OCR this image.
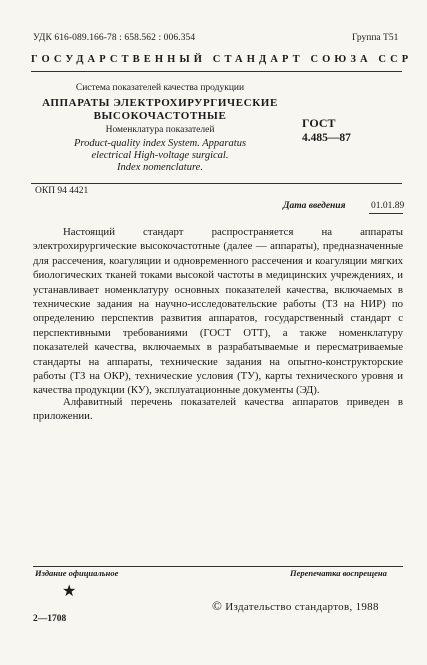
УДК 616-089.166-78 : 658.562 : 006.354	Группа Т51
ГОСУДАРСТВЕННЫЙ СТАНДАРТ СОЮЗА ССР
Система показателей качества продукции
АППАРАТЫ ЭЛЕКТРОХИРУРГИЧЕСКИЕ
ВЫСОКОЧАСТОТНЫЕ
Номенклатура показателей
Product-quality index System. Apparatus
electrical High-voltage surgical.
Index nomenclature.
ГОСТ
4.485—87
ОКП 94 4421
Дата введения	01.01.89
Настоящий стандарт распространяется на аппараты электрохирургические высокочастотные (далее — аппараты), предназначенные для рассечения, коагуляции и одновременного рассечения и коагуляции мягких биологических тканей токами высокой частоты в медицинских учреждениях, и устанавливает номенклатуру основных показателей качества, включаемых в технические задания на научно-исследовательские работы (ТЗ на НИР) по определению перспектив развития аппаратов, государственный стандарт с перспективными требованиями (ГОСТ ОТТ), а также номенклатуру показателей качества, включаемых в разрабатываемые и пересматриваемые стандарты на аппараты, технические задания на опытно-конструкторские работы (ТЗ на ОКР), технические условия (ТУ), карты технического уровня и качества продукции (КУ), эксплуатационные документы (ЭД).
Алфавитный перечень показателей качества аппаратов приведен в приложении.
Издание официальное	Перепечатка воспрещена
★
2—1708
© Издательство стандартов, 1988
